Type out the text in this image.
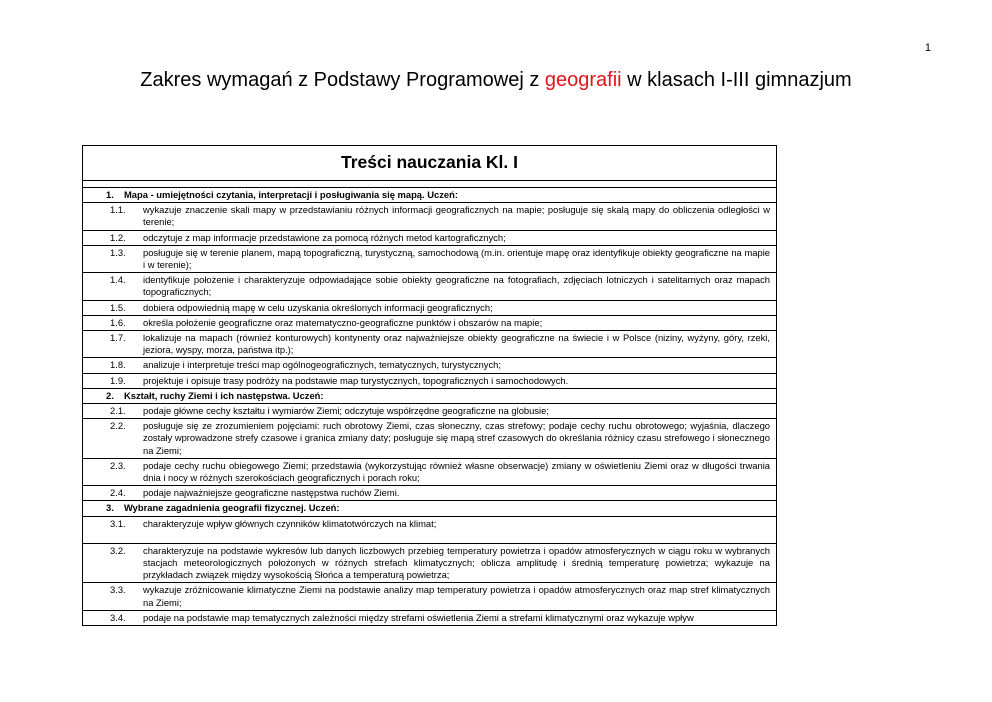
1
Zakres wymagań z Podstawy Programowej z geografii w klasach I-III gimnazjum
Treści nauczania Kl. I
1. Mapa - umiejętności czytania, interpretacji i posługiwania się mapą. Uczeń:
1.1. wykazuje znaczenie skali mapy w przedstawianiu różnych informacji geograficznych na mapie; posługuje się skalą mapy do obliczenia odległości w terenie;
1.2. odczytuje z map informacje przedstawione za pomocą różnych metod kartograficznych;
1.3. posługuje się w terenie planem, mapą topograficzną, turystyczną, samochodową (m.in. orientuje mapę oraz identyfikuje obiekty geograficzne na mapie i w terenie);
1.4. identyfikuje położenie i charakteryzuje odpowiadające sobie obiekty geograficzne na fotografiach, zdjęciach lotniczych i satelitarnych oraz mapach topograficznych;
1.5. dobiera odpowiednią mapę w celu uzyskania określonych informacji geograficznych;
1.6. określa położenie geograficzne oraz matematyczno-geograficzne punktów i obszarów na mapie;
1.7. lokalizuje na mapach (również konturowych) kontynenty oraz najważniejsze obiekty geograficzne na świecie i w Polsce (niziny, wyżyny, góry, rzeki, jeziora, wyspy, morza, państwa itp.);
1.8. analizuje i interpretuje treści map ogólnogeograficznych, tematycznych, turystycznych;
1.9. projektuje i opisuje trasy podróży na podstawie map turystycznych, topograficznych i samochodowych.
2. Kształt, ruchy Ziemi i ich następstwa. Uczeń:
2.1. podaje główne cechy kształtu i wymiarów Ziemi; odczytuje współrzędne geograficzne na globusie;
2.2. posługuje się ze zrozumieniem pojęciami: ruch obrotowy Ziemi, czas słoneczny, czas strefowy; podaje cechy ruchu obrotowego; wyjaśnia, dlaczego zostały wprowadzone strefy czasowe i granica zmiany daty; posługuje się mapą stref czasowych do określania różnicy czasu strefowego i słonecznego na Ziemi;
2.3. podaje cechy ruchu obiegowego Ziemi; przedstawia (wykorzystując również własne obserwacje) zmiany w oświetleniu Ziemi oraz w długości trwania dnia i nocy w różnych szerokościach geograficznych i porach roku;
2.4. podaje najważniejsze geograficzne następstwa ruchów Ziemi.
3. Wybrane zagadnienia geografii fizycznej. Uczeń:
3.1. charakteryzuje wpływ głównych czynników klimatotwórczych na klimat;
3.2. charakteryzuje na podstawie wykresów lub danych liczbowych przebieg temperatury powietrza i opadów atmosferycznych w ciągu roku w wybranych stacjach meteorologicznych położonych w różnych strefach klimatycznych; oblicza amplitudę i średnią temperaturę powietrza; wykazuje na przykładach związek między wysokością Słońca a temperaturą powietrza;
3.3. wykazuje zróżnicowanie klimatyczne Ziemi na podstawie analizy map temperatury powietrza i opadów atmosferycznych oraz map stref klimatycznych na Ziemi;
3.4. podaje na podstawie map tematycznych zależności między strefami oświetlenia Ziemi a strefami klimatycznymi oraz wykazuje wpływ
